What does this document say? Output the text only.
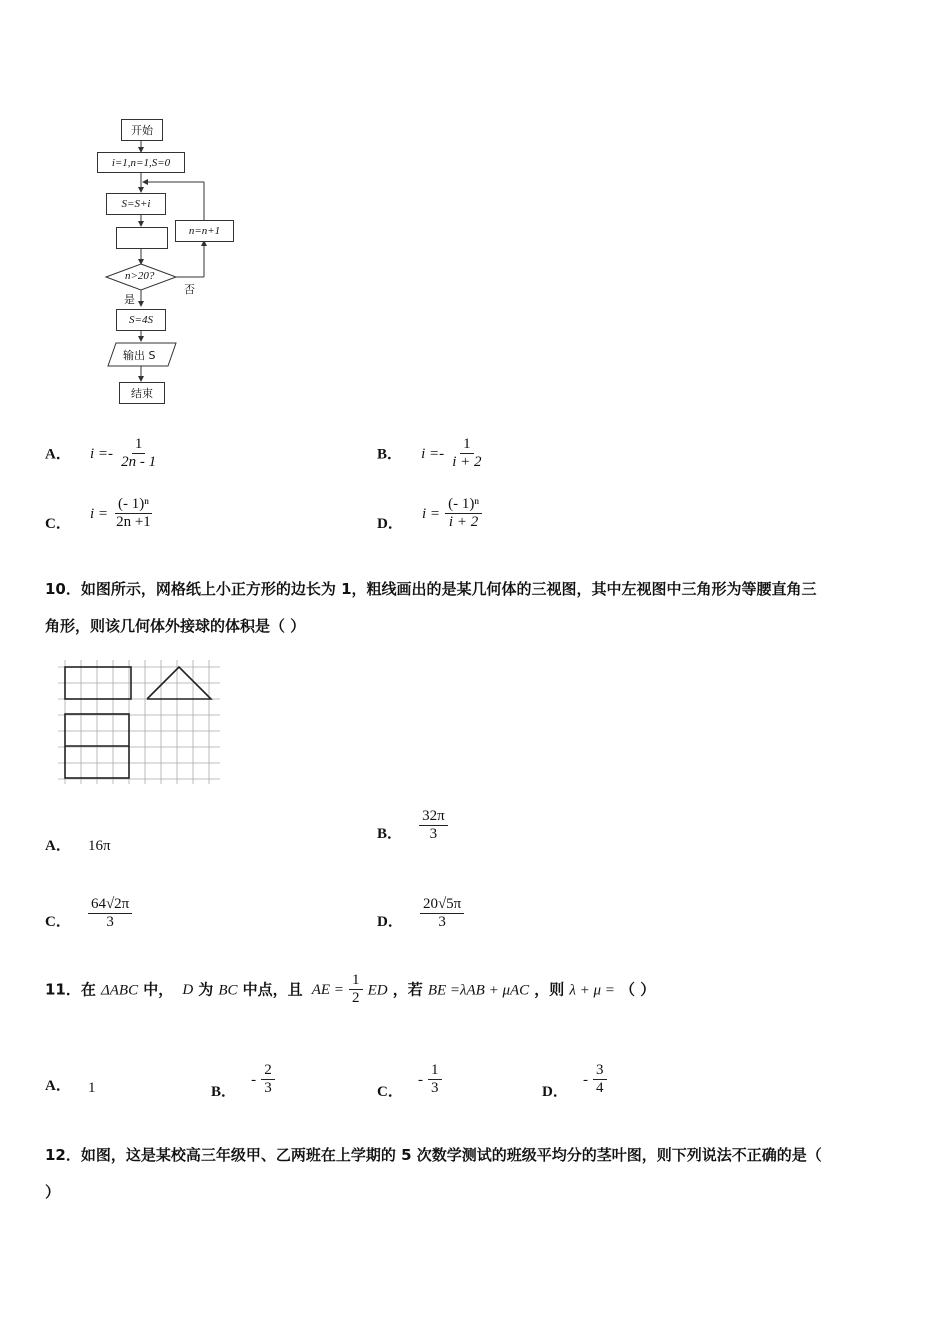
开始
i=1,n=1,S=0
S=S+i
n=n+1
n>20?
否
是
S=4S
输出 S
结束
A． $i =- \frac{1}{2n - 1}$	B． $i =- \frac{1}{i + 2}$
C． $i = \frac{\text{(- 1)ⁿ}}{2n +1}$	D． $i = \frac{\text{(- 1)ⁿ}}{i + 2}$
10．如图所示，网格纸上小正方形的边长为 1，粗线画出的是某几何体的三视图，其中左视图中三角形为等腰直角三
角形，则该几何体外接球的体积是（ ）
A． 16π
B． $\frac{32\pi}{3}$
C． $\frac{64√2\pi}{3}$	D． $\frac{20√5\pi}{3}$
11．在 ΔABC 中， D 为 BC 中点，且 AE = $\frac{1}{2}$ ED ，若 BE =λAB + μAC ，则 λ + μ = （ ）
A． 1	B． - $\frac{2}{3}$	C． - $\frac{1}{3}$	D． - $\frac{3}{4}$
12．如图，这是某校高三年级甲、乙两班在上学期的 5 次数学测试的班级平均分的茎叶图，则下列说法不正确的是（
）
